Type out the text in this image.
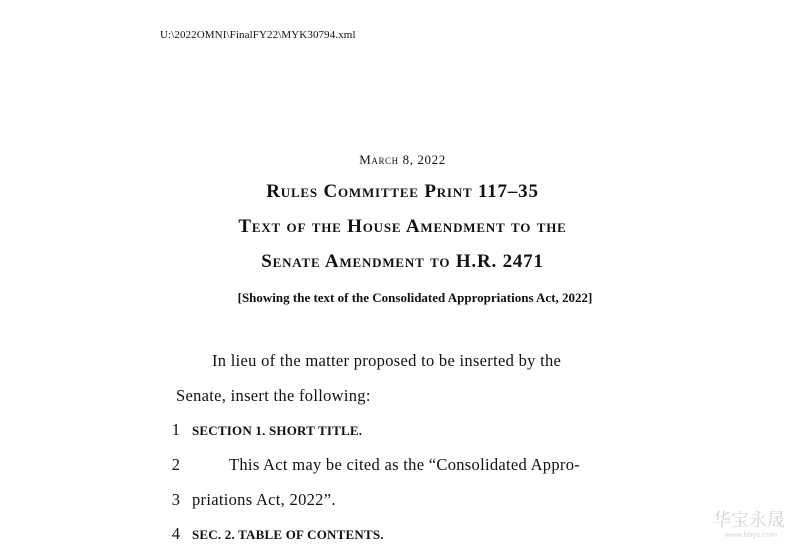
U:\2022OMNI\FinalFY22\MYK30794.xml
March 8, 2022
Rules Committee Print 117–35
Text of the House Amendment to the
Senate Amendment to H.R. 2471
[Showing the text of the Consolidated Appropriations Act, 2022]
In lieu of the matter proposed to be inserted by the
Senate, insert the following:
1 SECTION 1. SHORT TITLE.
2	This Act may be cited as the “Consolidated Appro-
3 priations Act, 2022”.
4 SEC. 2. TABLE OF CONTENTS.
华宝永晟
www.hbys.com
